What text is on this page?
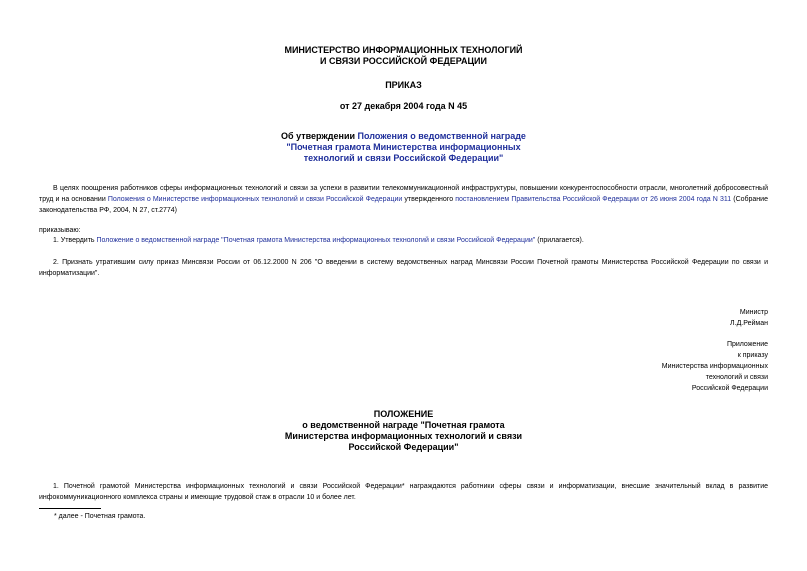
МИНИСТЕРСТВО ИНФОРМАЦИОННЫХ ТЕХНОЛОГИЙ
И СВЯЗИ РОССИЙСКОЙ ФЕДЕРАЦИИ
ПРИКАЗ
от 27 декабря 2004 года N 45
Об утверждении Положения о ведомственной награде
"Почетная грамота Министерства информационных
технологий и связи Российской Федерации"
В целях поощрения работников сферы информационных технологий и связи за успехи в развитии телекоммуникационной инфраструктуры, повышении конкурентоспособности отрасли, многолетний добросовестный труд и на основании Положения о Министерстве информационных технологий и связи Российской Федерации утвержденного постановлением Правительства Российской Федерации от 26 июня 2004 года N 311 (Собрание законодательства РФ, 2004, N 27, ст.2774)
приказываю:
1. Утвердить Положение о ведомственной награде "Почетная грамота Министерства информационных технологий и связи Российской Федерации" (прилагается).
2. Признать утратившим силу приказ Минсвязи России от 06.12.2000 N 206 "О введении в систему ведомственных наград Минсвязи России Почетной грамоты Министерства Российской Федерации по связи и информатизации".
Министр
Л.Д.Рейман
Приложение
к приказу
Министерства информационных
технологий и связи
Российской Федерации
ПОЛОЖЕНИЕ
о ведомственной награде "Почетная грамота
Министерства информационных технологий и связи
Российской Федерации"
1. Почетной грамотой Министерства информационных технологий и связи Российской Федерации* награждаются работники сферы связи и информатизации, внесшие значительный вклад в развитие инфокоммуникационного комплекса страны и имеющие трудовой стаж в отрасли 10 и более лет.
* далее - Почетная грамота.
